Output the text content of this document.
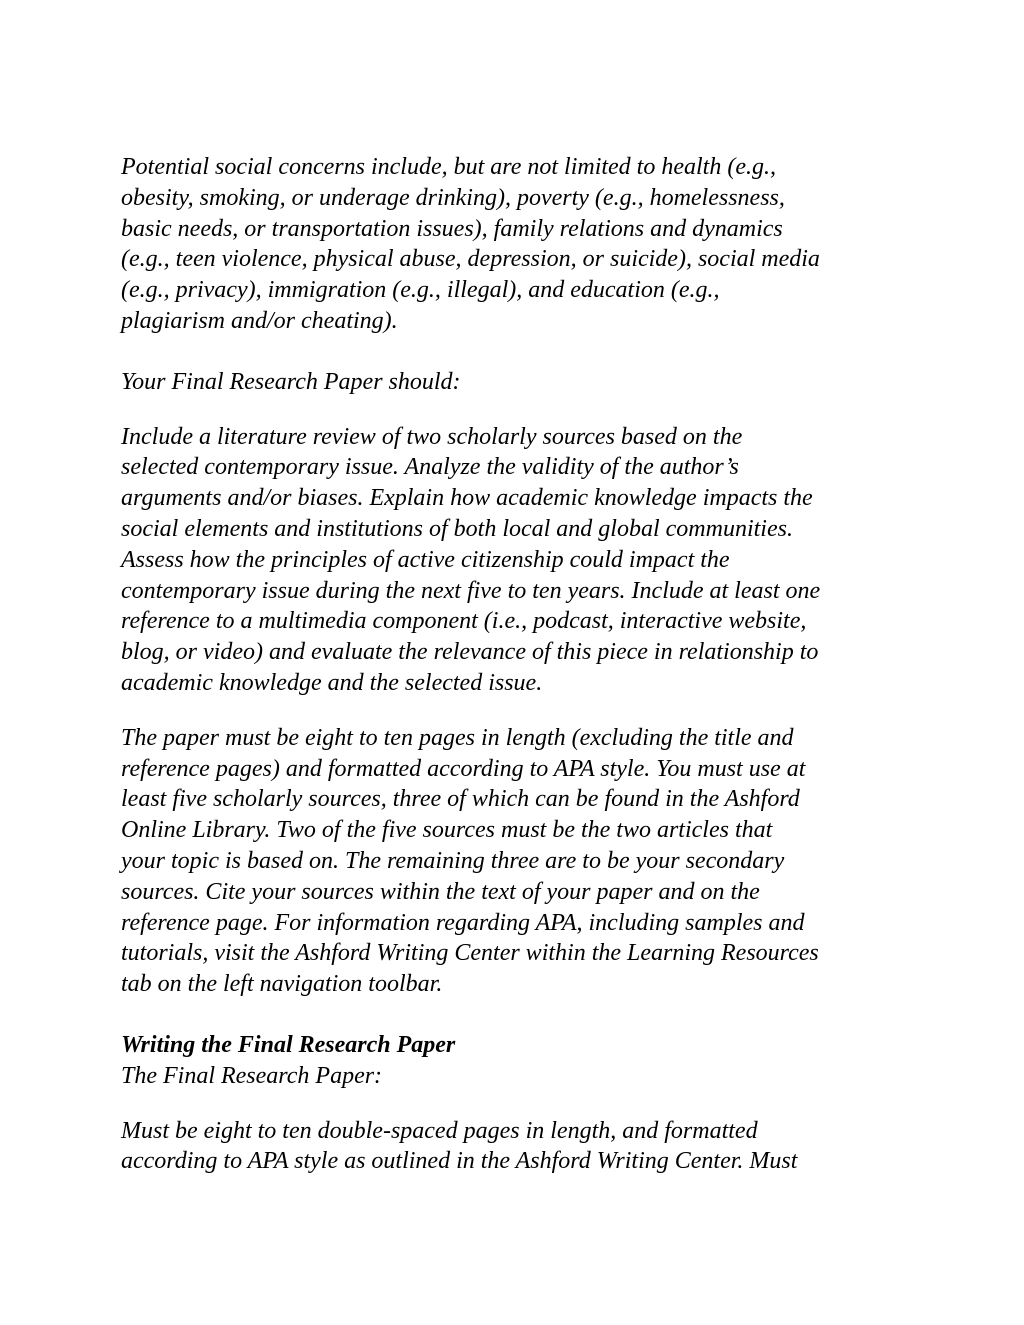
Potential social concerns include, but are not limited to health (e.g.,
obesity, smoking, or underage drinking), poverty (e.g., homelessness,
basic needs, or transportation issues), family relations and dynamics
(e.g., teen violence, physical abuse, depression, or suicide), social media
(e.g., privacy), immigration (e.g., illegal), and education (e.g.,
plagiarism and/or cheating).

Your Final Research Paper should:

Include a literature review of two scholarly sources based on the
selected contemporary issue. Analyze the validity of the author’s
arguments and/or biases. Explain how academic knowledge impacts the
social elements and institutions of both local and global communities.
Assess how the principles of active citizenship could impact the
contemporary issue during the next five to ten years. Include at least one
reference to a multimedia component (i.e., podcast, interactive website,
blog, or video) and evaluate the relevance of this piece in relationship to
academic knowledge and the selected issue.

The paper must be eight to ten pages in length (excluding the title and
reference pages) and formatted according to APA style. You must use at
least five scholarly sources, three of which can be found in the Ashford
Online Library. Two of the five sources must be the two articles that
your topic is based on. The remaining three are to be your secondary
sources. Cite your sources within the text of your paper and on the
reference page. For information regarding APA, including samples and
tutorials, visit the Ashford Writing Center within the Learning Resources
tab on the left navigation toolbar.

Writing the Final Research Paper
The Final Research Paper:

Must be eight to ten double-spaced pages in length, and formatted
according to APA style as outlined in the Ashford Writing Center. Must
